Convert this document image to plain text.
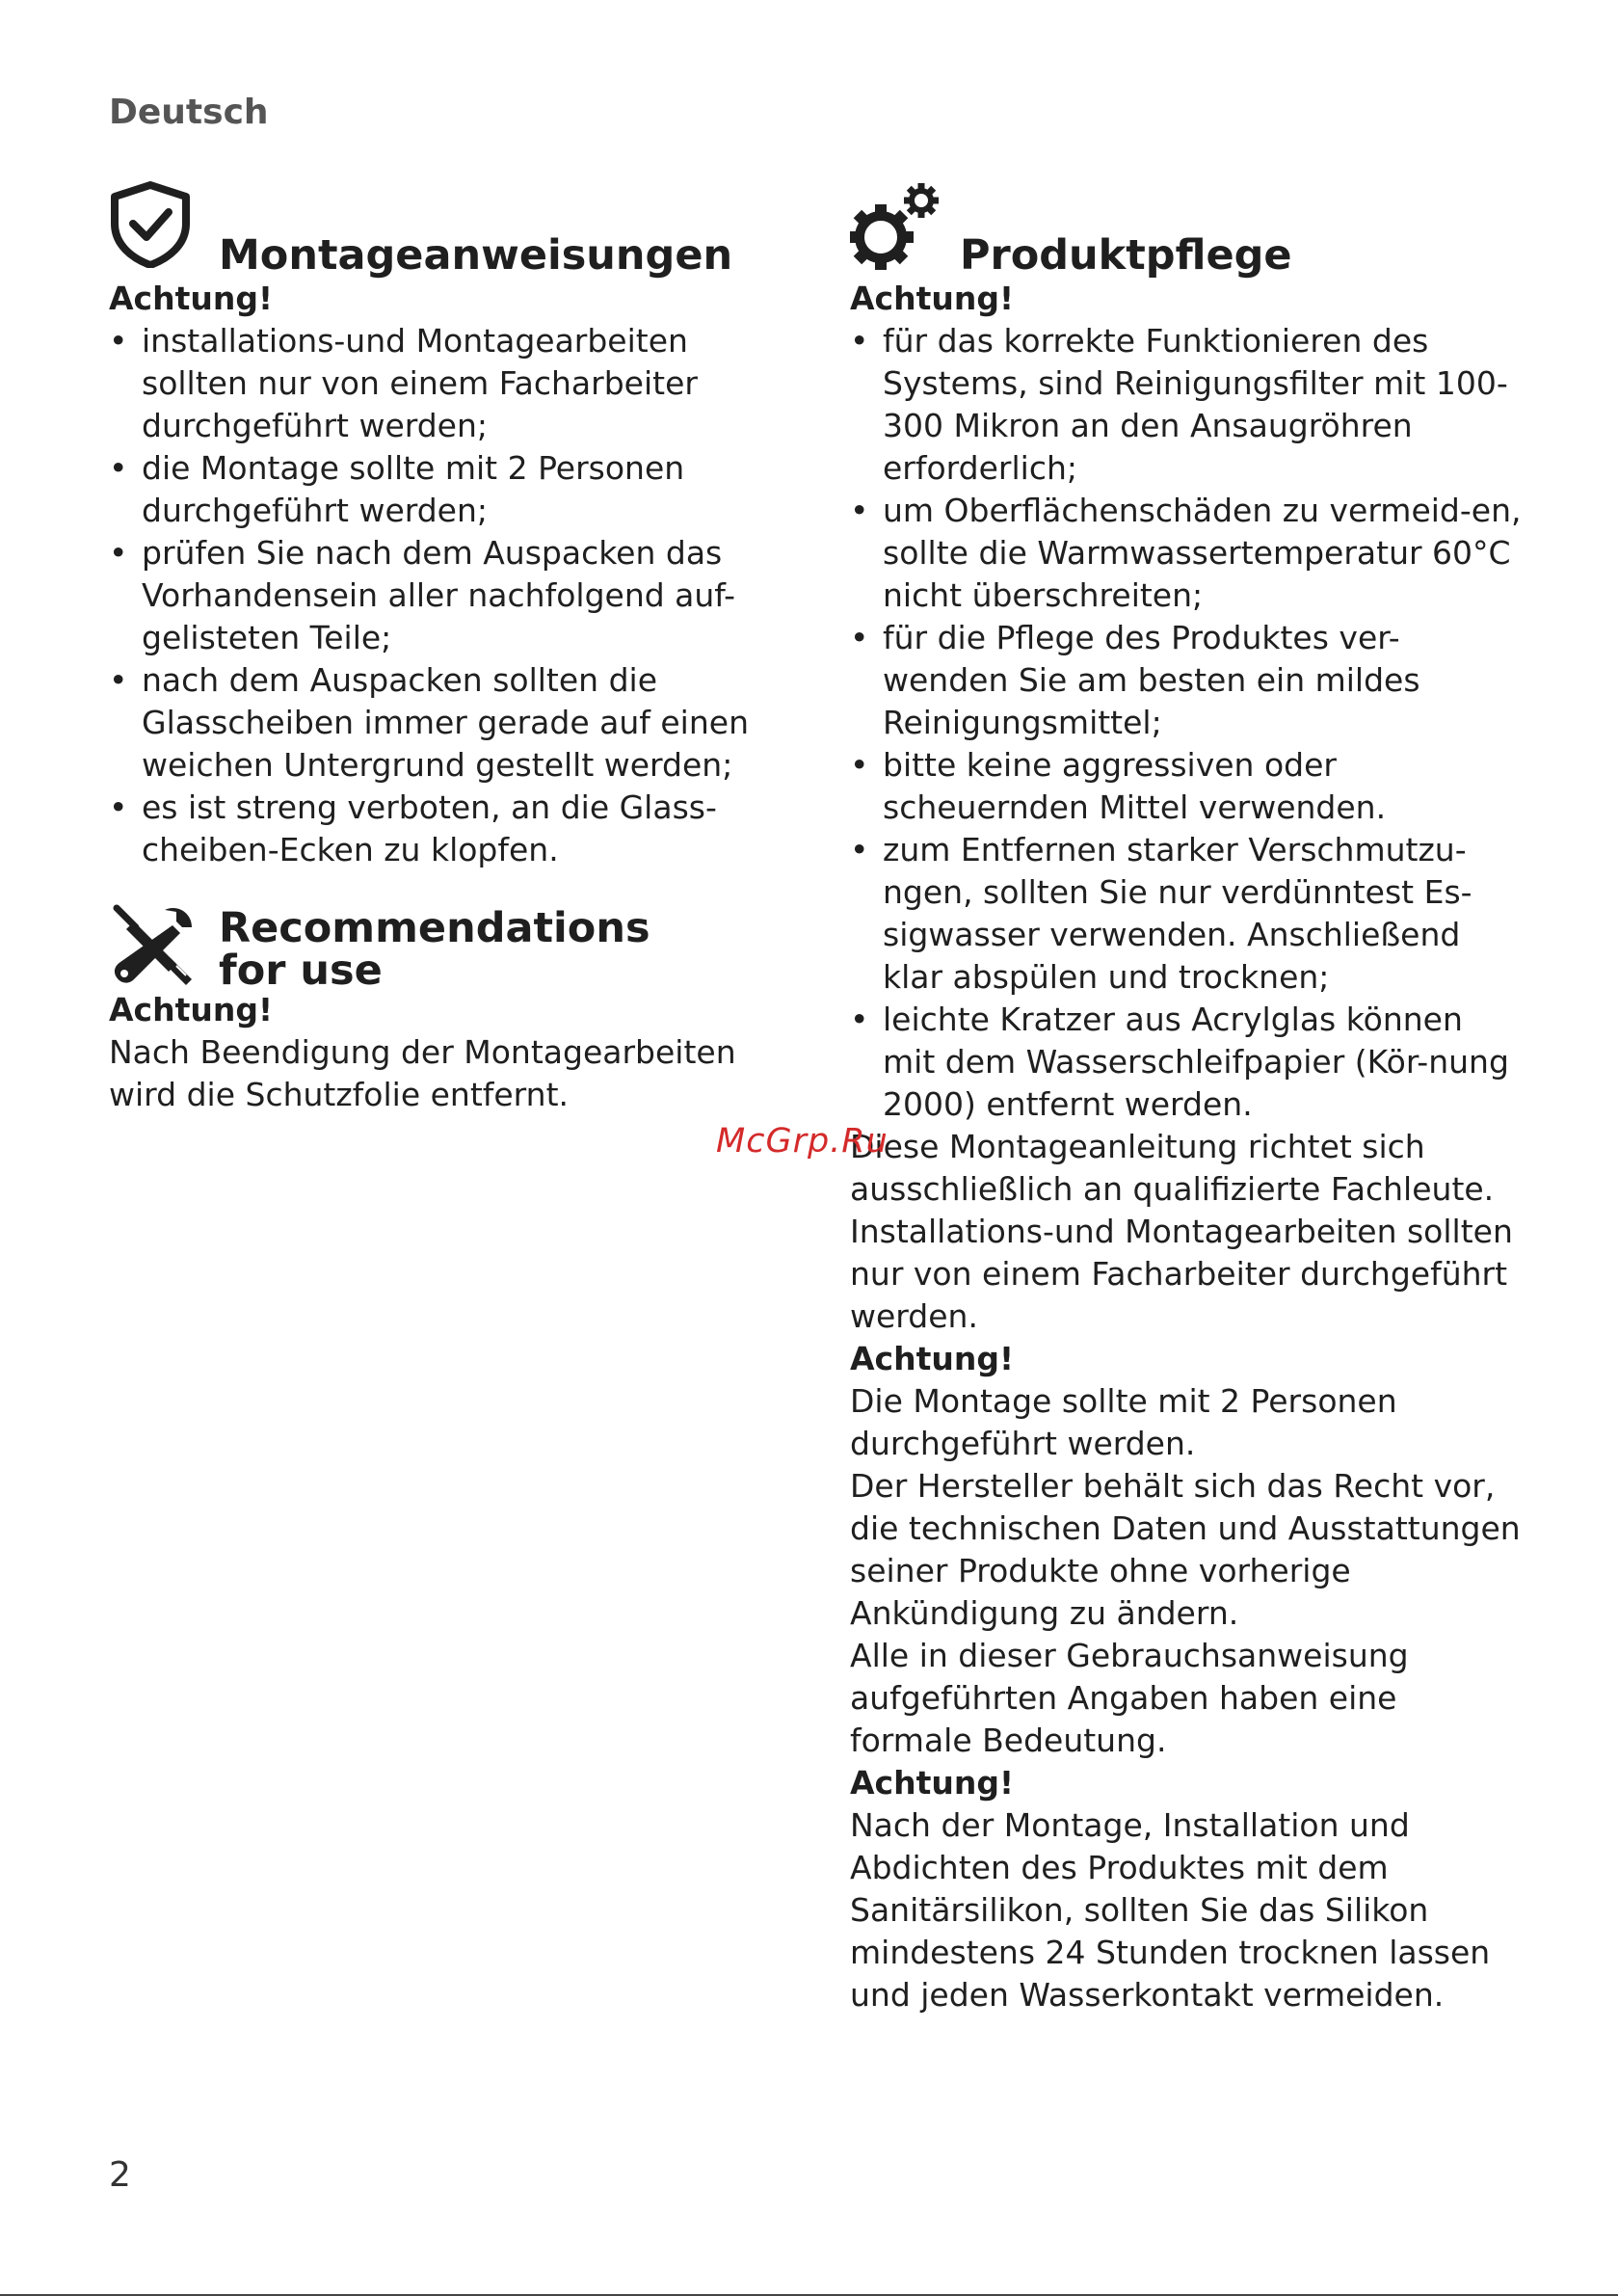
Deutsch
Montageanweisungen
Achtung!
• installations-und Montagearbeiten sollten nur von einem Facharbeiter durchgeführt werden;
• die Montage sollte mit 2 Personen durchgeführt werden;
• prüfen Sie nach dem Auspacken das Vorhandensein aller nachfolgend auf-gelisteten Teile;
• nach dem Auspacken sollten die Glasscheiben immer gerade auf einen weichen Untergrund gestellt werden;
• es ist streng verboten, an die Glass-cheiben-Ecken zu klopfen.
Recommendations
for use
Achtung!
Nach Beendigung der Montagearbeiten wird die Schutzfolie entfernt.
Produktpflege
Achtung!
• für das korrekte Funktionieren des Systems, sind Reinigungsfilter mit 100-300 Mikron an den Ansaugröhren erforderlich;
• um Oberflächenschäden zu vermeid-en, sollte die Warmwassertemperatur 60°C nicht überschreiten;
• für die Pflege des Produktes ver-wenden Sie am besten ein mildes Reinigungsmittel;
• bitte keine aggressiven oder scheuernden Mittel verwenden.
• zum Entfernen starker Verschmutzu-ngen, sollten Sie nur verdünntest Es-sigwasser verwenden. Anschließend klar abspülen und trocknen;
• leichte Kratzer aus Acrylglas können mit dem Wasserschleifpapier (Kör-nung 2000) entfernt werden.
Diese Montageanleitung richtet sich ausschließlich an qualifizierte Fachleute. Installations-und Montagearbeiten sollten nur von einem Facharbeiter durchgeführt werden.
Achtung!
Die Montage sollte mit 2 Personen durchgeführt werden.
Der Hersteller behält sich das Recht vor, die technischen Daten und Ausstattungen seiner Produkte ohne vorherige Ankündigung zu ändern.
Alle in dieser Gebrauchsanweisung aufgeführten Angaben haben eine formale Bedeutung.
Achtung!
Nach der Montage, Installation und Abdichten des Produktes mit dem Sanitärsilikon, sollten Sie das Silikon mindestens 24 Stunden trocknen lassen und jeden Wasserkontakt vermeiden.
McGrp.Ru
2
